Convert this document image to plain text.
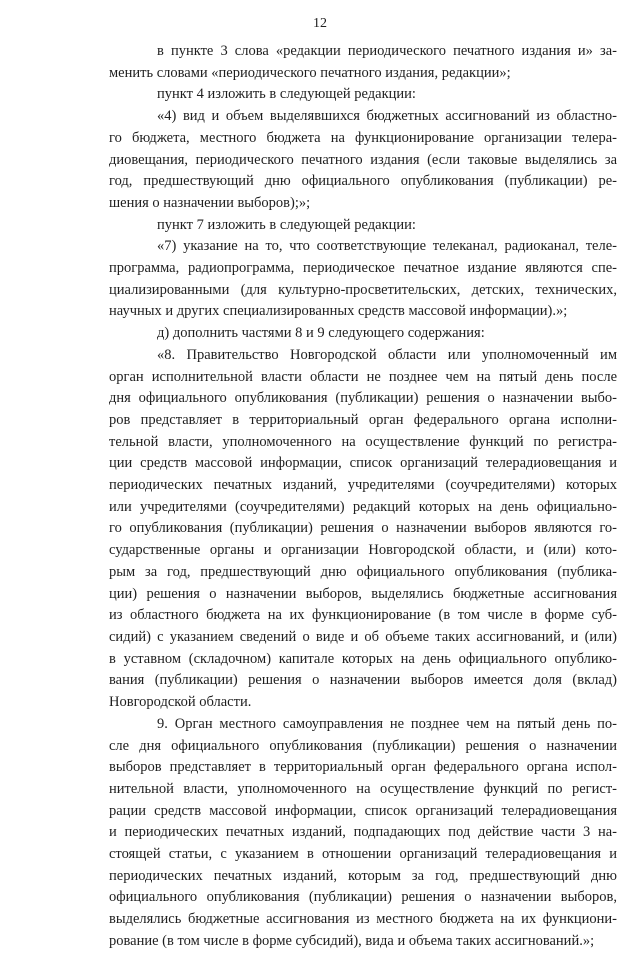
12
в пункте 3 слова «редакции периодического печатного издания и» за-
менить словами «периодического печатного издания, редакции»;
пункт 4 изложить в следующей редакции:
«4) вид и объем выделявшихся бюджетных ассигнований из областно-
го бюджета, местного бюджета на функционирование организации телера-
диовещания, периодического печатного издания (если таковые выделялись за
год, предшествующий дню официального опубликования (публикации) ре-
шения о назначении выборов);»;
пункт 7 изложить в следующей редакции:
«7) указание на то, что соответствующие телеканал, радиоканал, теле-
программа, радиопрограмма, периодическое печатное издание являются спе-
циализированными (для культурно-просветительских, детских, технических,
научных и других специализированных средств массовой информации).»;
д) дополнить частями 8 и 9 следующего содержания:
«8. Правительство Новгородской области или уполномоченный им
орган исполнительной власти области не позднее чем на пятый день после
дня официального опубликования (публикации) решения о назначении выбо-
ров представляет в территориальный орган федерального органа исполни-
тельной власти, уполномоченного на осуществление функций по регистра-
ции средств массовой информации, список организаций телерадиовещания и
периодических печатных изданий, учредителями (соучредителями) которых
или учредителями (соучредителями) редакций которых на день официально-
го опубликования (публикации) решения о назначении выборов являются го-
сударственные органы и организации Новгородской области, и (или) кото-
рым за год, предшествующий дню официального опубликования (публика-
ции) решения о назначении выборов, выделялись бюджетные ассигнования
из областного бюджета на их функционирование (в том числе в форме суб-
сидий) с указанием сведений о виде и об объеме таких ассигнований, и (или)
в уставном (складочном) капитале которых на день официального опублико-
вания (публикации) решения о назначении выборов имеется доля (вклад)
Новгородской области.
9. Орган местного самоуправления не позднее чем на пятый день по-
сле дня официального опубликования (публикации) решения о назначении
выборов представляет в территориальный орган федерального органа испол-
нительной власти, уполномоченного на осуществление функций по регист-
рации средств массовой информации, список организаций телерадиовещания
и периодических печатных изданий, подпадающих под действие части 3 на-
стоящей статьи, с указанием в отношении организаций телерадиовещания и
периодических печатных изданий, которым за год, предшествующий дню
официального опубликования (публикации) решения о назначении выборов,
выделялись бюджетные ассигнования из местного бюджета на их функциони-
рование (в том числе в форме субсидий), вида и объема таких ассигнований.»;
